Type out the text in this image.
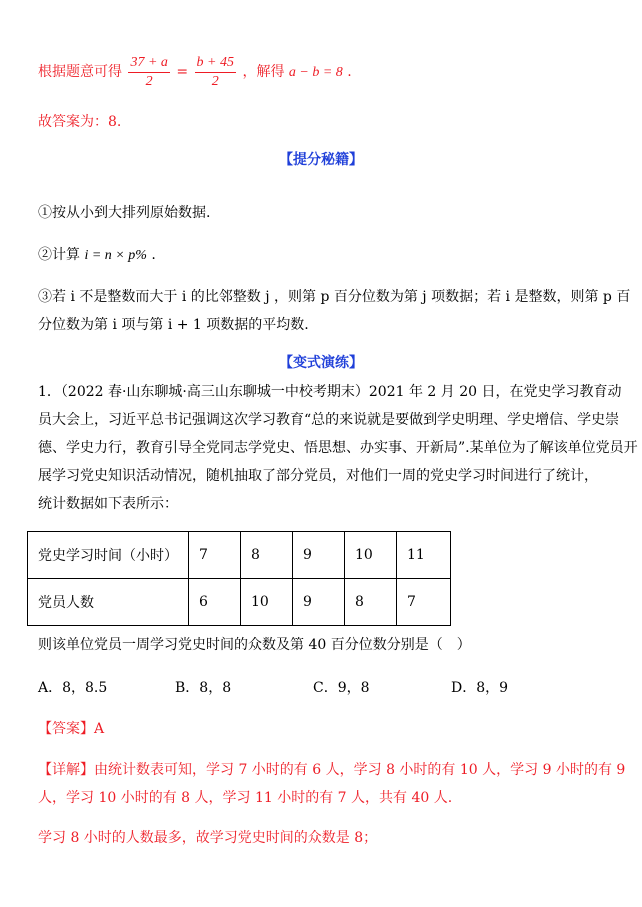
根据题意可得 $\frac{37 + a}{2} = \frac{b + 45}{2}$ ，解得 a − b = 8 .
故答案为：8.
【提分秘籍】
①按从小到大排列原始数据.
②计算 i = n × p% .
③若 i 不是整数而大于 i 的比邻整数 j ，则第 p 百分位数为第 j 项数据；若 i 是整数，则第 p 百
分位数为第 i 项与第 i + 1 项数据的平均数.
【变式演练】
1．（2022 春·山东聊城·高三山东聊城一中校考期末）2021 年 2 月 20 日，在党史学习教育动
员大会上，习近平总书记强调这次学习教育“总的来说就是要做到学史明理、学史增信、学史崇
德、学史力行，教育引导全党同志学党史、悟思想、办实事、开新局”.某单位为了解该单位党员开
展学习党史知识活动情况，随机抽取了部分党员，对他们一周的党史学习时间进行了统计，
统计数据如下表所示：
党史学习时间（小时）	7	8	9	10	11
党员人数	6	10	9	8	7
则该单位党员一周学习党史时间的众数及第 40 百分位数分别是（　）
A．8，8.5	B．8，8	C．9，8	D．8，9
【答案】A
【详解】由统计数表可知，学习 7 小时的有 6 人，学习 8 小时的有 10 人，学习 9 小时的有 9
人，学习 10 小时的有 8 人，学习 11 小时的有 7 人，共有 40 人.
学习 8 小时的人数最多，故学习党史时间的众数是 8；
